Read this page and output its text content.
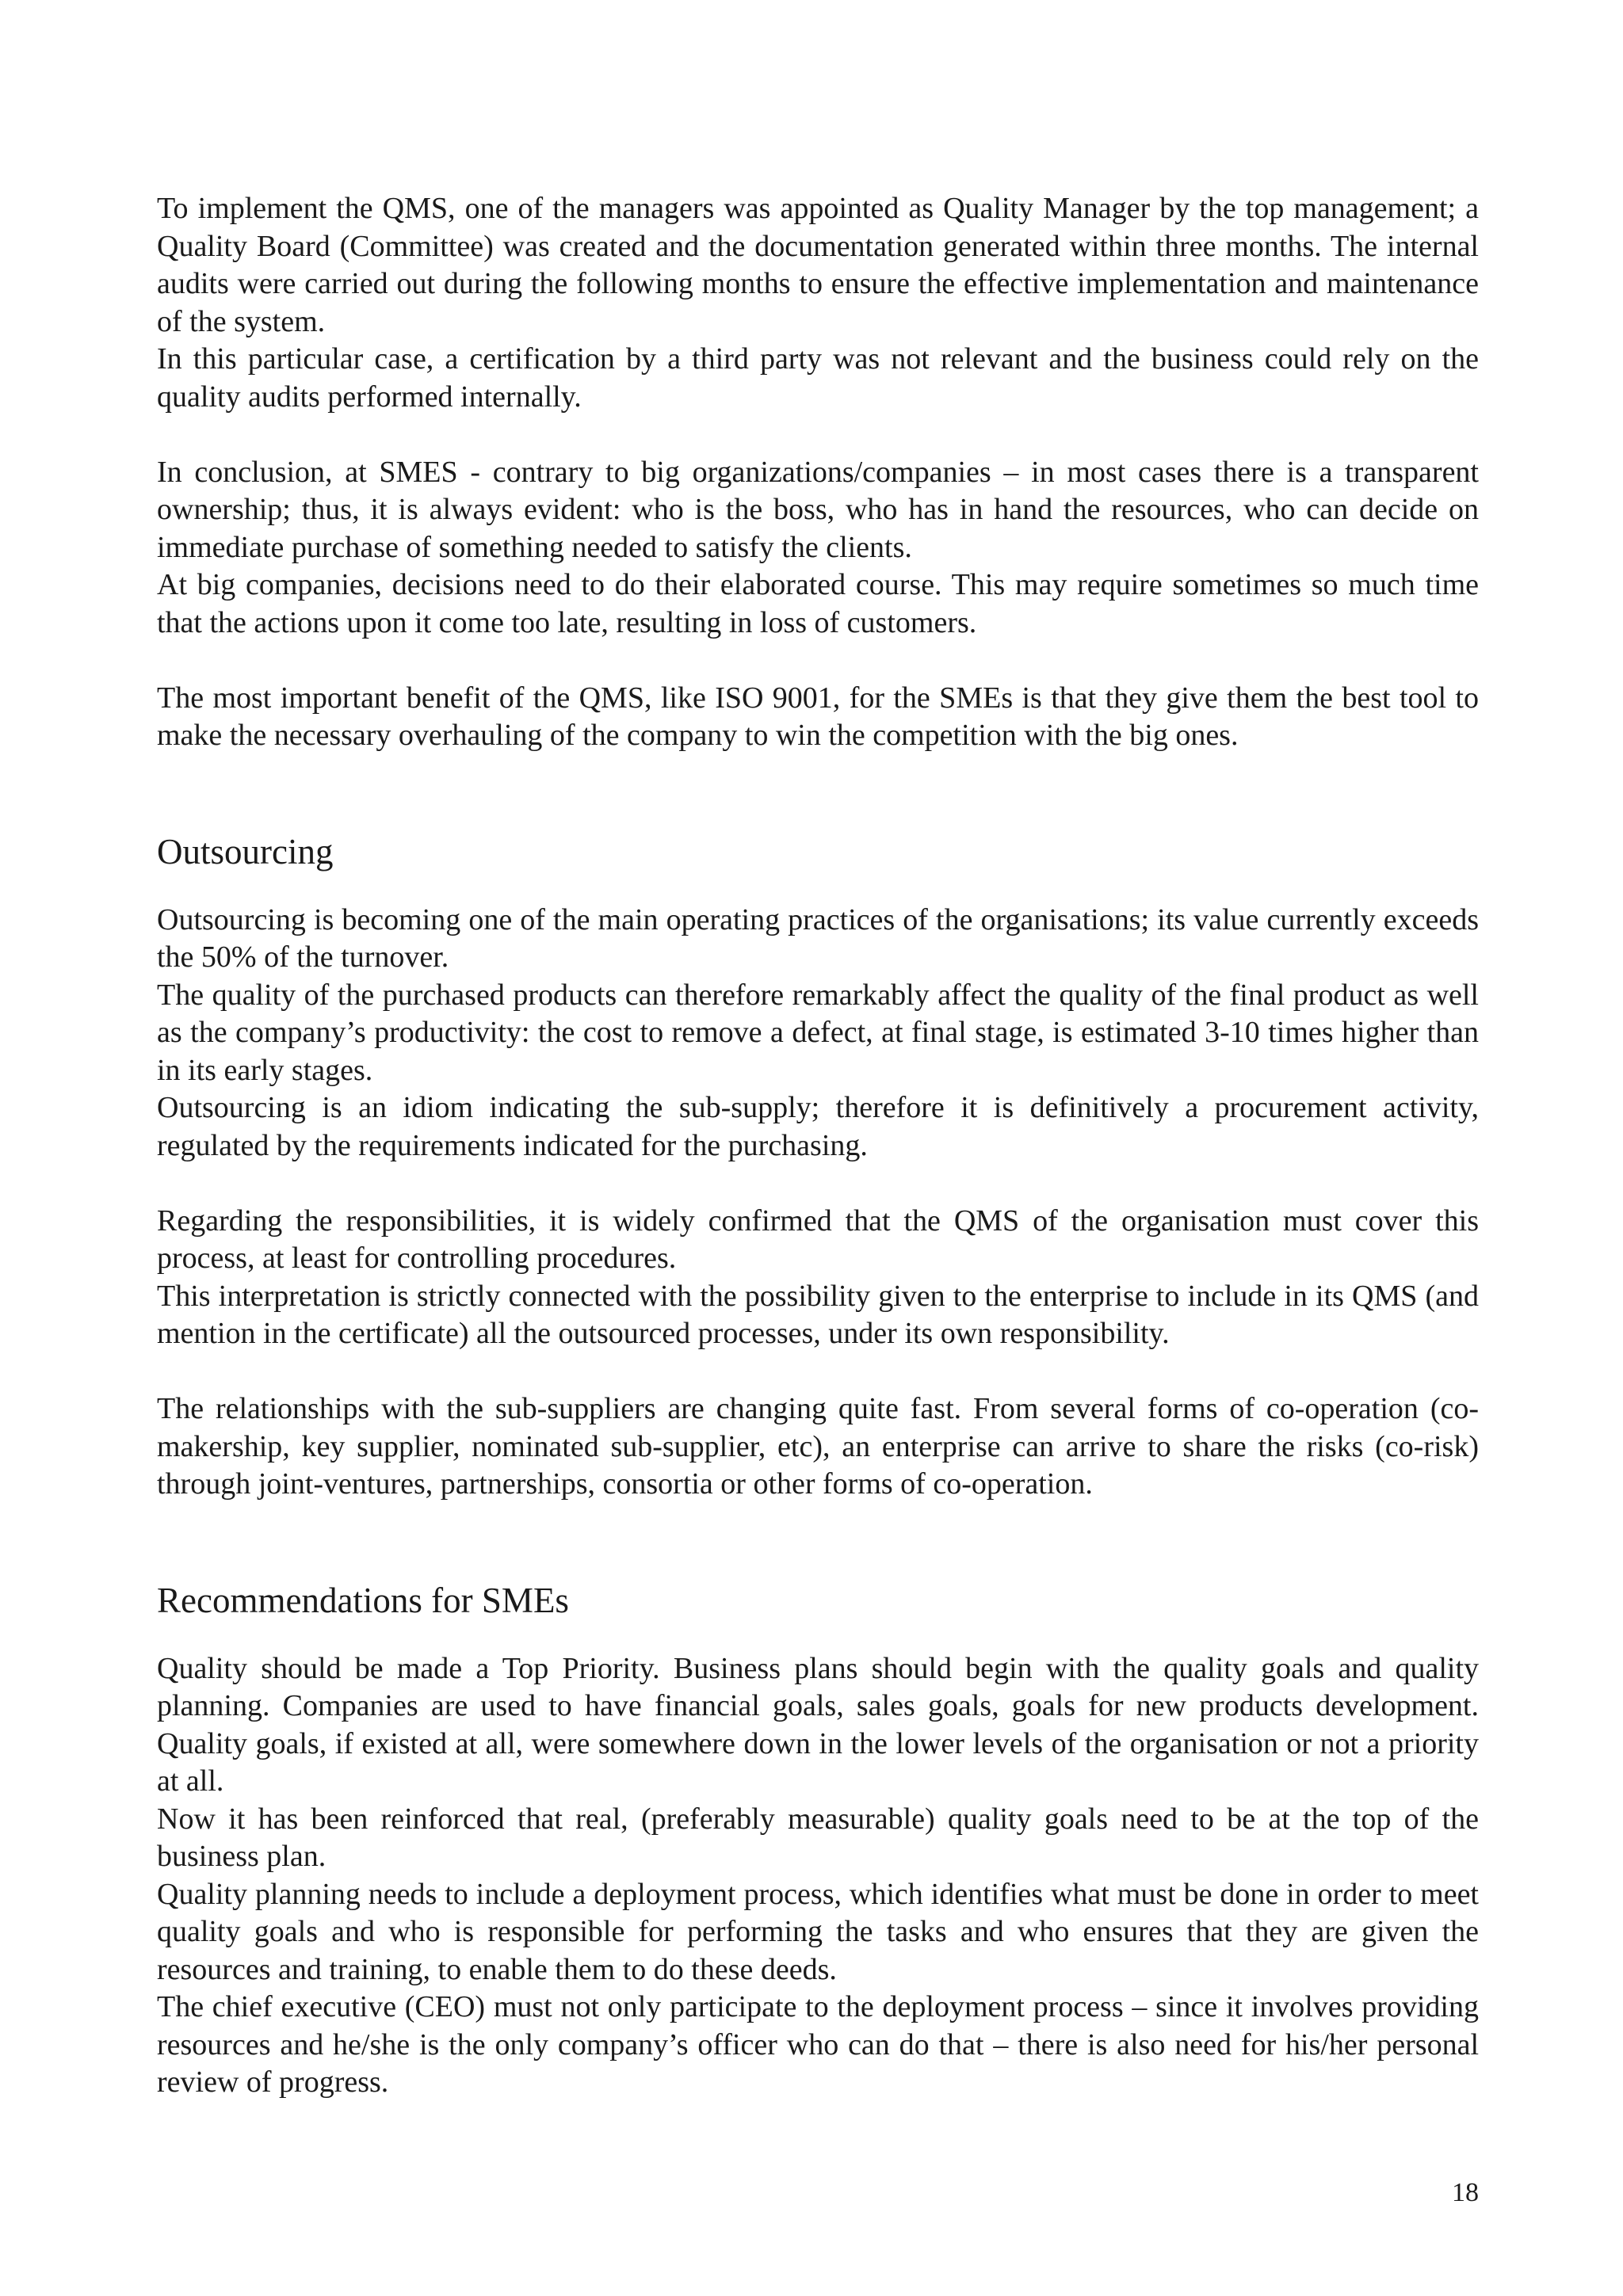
To implement the QMS, one of the managers was appointed as Quality Manager by the top management; a Quality Board (Committee) was created and the documentation generated within three months. The internal audits were carried out during the following months to ensure the effective implementation and maintenance of the system.

In this particular case, a certification by a third party was not relevant and the business could rely on the quality audits performed internally.

In conclusion, at SMES - contrary to big organizations/companies – in most cases there is a transparent ownership; thus, it is always evident: who is the boss, who has in hand the resources, who can decide on immediate purchase of something needed to satisfy the clients.

At big companies, decisions need to do their elaborated course. This may require sometimes so much time that the actions upon it come too late, resulting in loss of customers.

The most important benefit of the QMS, like ISO 9001, for the SMEs is that they give them the best tool to make the necessary overhauling of the company to win the competition with the big ones.

Outsourcing

Outsourcing is becoming one of the main operating practices of the organisations; its value currently exceeds the 50% of the turnover.

The quality of the purchased products can therefore remarkably affect the quality of the final product as well as the company’s productivity: the cost to remove a defect, at final stage, is estimated 3-10 times higher than in its early stages.

Outsourcing is an idiom indicating the sub-supply; therefore it is definitively a procurement activity, regulated by the requirements indicated for the purchasing.

Regarding the responsibilities, it is widely confirmed that the QMS of the organisation must cover this process, at least for controlling procedures.

This interpretation is strictly connected with the possibility given to the enterprise to include in its QMS (and mention in the certificate) all the outsourced processes, under its own responsibility.

The relationships with the sub-suppliers are changing quite fast. From several forms of co-operation (co-makership, key supplier, nominated sub-supplier, etc), an enterprise can arrive to share the risks (co-risk) through joint-ventures, partnerships, consortia or other forms of co-operation.

Recommendations for SMEs

Quality should be made a Top Priority. Business plans should begin with the quality goals and quality planning. Companies are used to have financial goals, sales goals, goals for new products development. Quality goals, if existed at all, were somewhere down in the lower levels of the organisation or not a priority at all.

Now it has been reinforced that real, (preferably measurable) quality goals need to be at the top of the business plan.

Quality planning needs to include a deployment process, which identifies what must be done in order to meet quality goals and who is responsible for performing the tasks and who ensures that they are given the resources and training, to enable them to do these deeds.

The chief executive (CEO) must not only participate to the deployment process – since it involves providing resources and he/she is the only company’s officer who can do that – there is also need for his/her personal review of progress.

18
